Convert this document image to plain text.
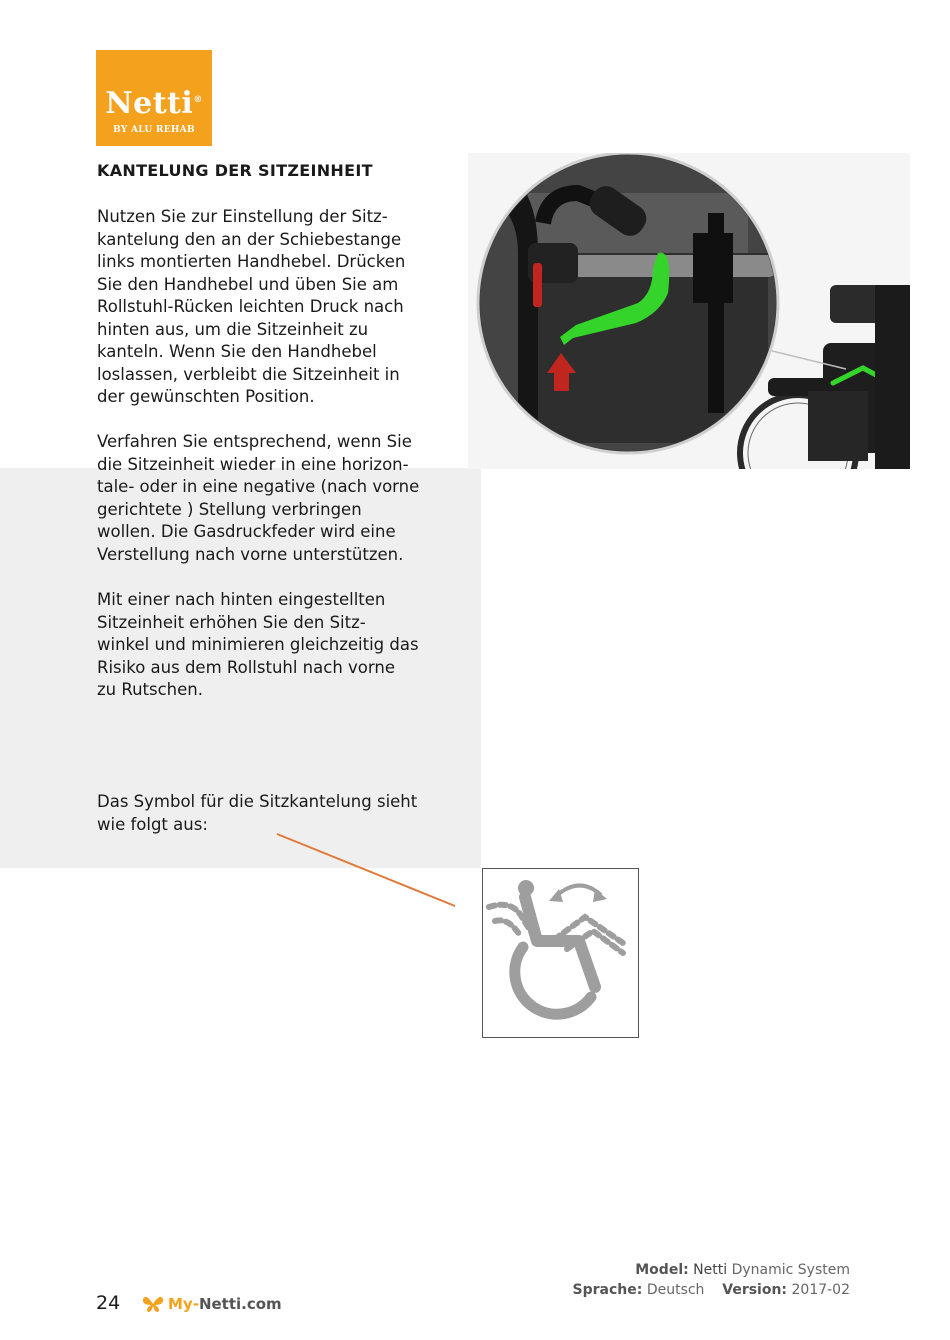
Netti®
BY ALU REHAB
KANTELUNG DER SITZEINHEIT

Nutzen Sie zur Einstellung der Sitz-
kantelung den an der Schiebestange
links montierten Handhebel. Drücken
Sie den Handhebel und üben Sie am
Rollstuhl-Rücken leichten Druck nach
hinten aus, um die Sitzeinheit zu
kanteln. Wenn Sie den Handhebel
loslassen, verbleibt die Sitzeinheit in
der gewünschten Position.

Verfahren Sie entsprechend, wenn Sie
die Sitzeinheit wieder in eine horizon-
tale- oder in eine negative (nach vorne
gerichtete ) Stellung verbringen
wollen. Die Gasdruckfeder wird eine
Verstellung nach vorne unterstützen.

Mit einer nach hinten eingestellten
Sitzeinheit erhöhen Sie den Sitz-
winkel und minimieren gleichzeitig das
Risiko aus dem Rollstuhl nach vorne
zu Rutschen.

Das Symbol für die Sitzkantelung sieht
wie folgt aus:

Model: Netti Dynamic System
Sprache: Deutsch Version: 2017-02
24	My-Netti.com
